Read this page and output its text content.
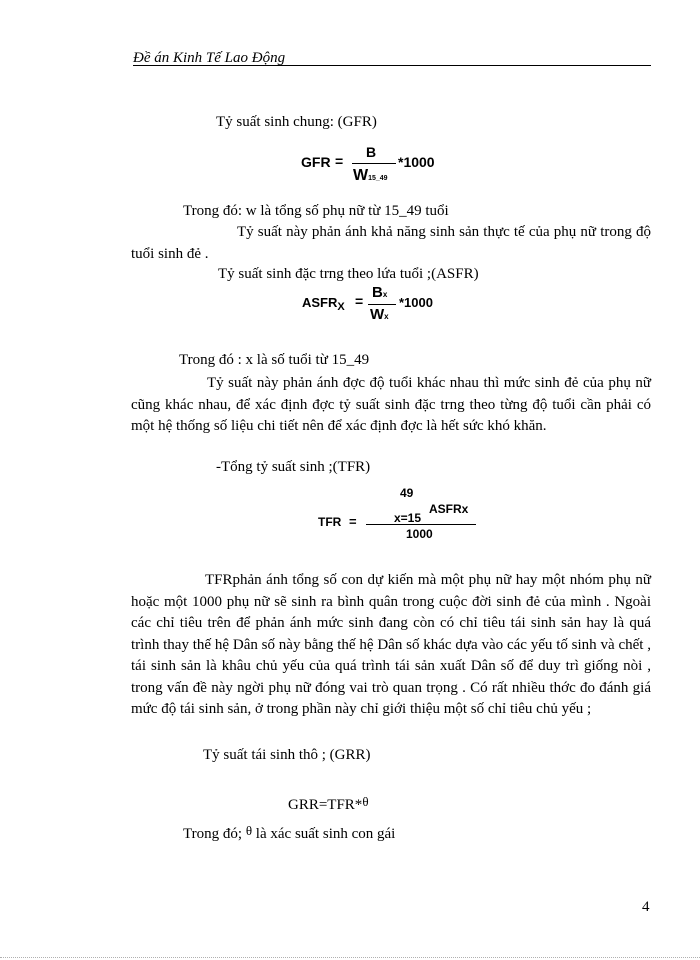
Đề án Kinh Tế Lao Động
Tỷ suất sinh chung: (GFR)
GFR =
B
W15_49
*1000
Trong đó: w là tổng số phụ nữ từ 15_49 tuổi
Tỷ suất này phản ánh khả năng sinh sản thực tế của phụ nữ trong độ tuổi sinh đẻ .
Tỷ suất sinh đặc trng theo lứa tuổi ;(ASFR)
$ASFR_X = Bx$
Wx
*1000
Trong đó : x là số tuổi từ 15_49
Tỷ suất này phản ánh đợc độ tuổi khác nhau thì mức sinh đẻ của phụ nữ cũng khác nhau, để xác định đợc tỷ suất sinh đặc trng theo từng độ tuổi cần phải có một hệ thống số liệu chi tiết nên để xác định đợc là hết sức khó khăn.
-Tổng tỷ suất sinh ;(TFR)
49
TFR =	x=15
ASFRx
1000
TFRphản ánh tổng số con dự kiến mà một phụ nữ hay một nhóm phụ nữ hoặc một 1000 phụ nữ sẽ sinh ra bình quân trong cuộc đời sinh đẻ của mình . Ngoài các chỉ tiêu trên để phản ánh mức sinh đang còn có chỉ tiêu tái sinh sản hay là quá trình thay thế hệ Dân số này bằng thế hệ Dân số khác dựa vào các yếu tố sinh và chết , tái sinh sản là khâu chủ yếu của quá trình tái sản xuất Dân số để duy trì giống nòi , trong vấn đề này ngời phụ nữ đóng vai trò quan trọng . Có rất nhiều thớc đo đánh giá mức độ tái sinh sản, ở trong phần này chỉ giới thiệu một số chỉ tiêu chủ yếu ;
Tỷ suất tái sinh thô ; (GRR)
GRR=TFR*θ
Trong đó; θ là xác suất sinh con gái
4
